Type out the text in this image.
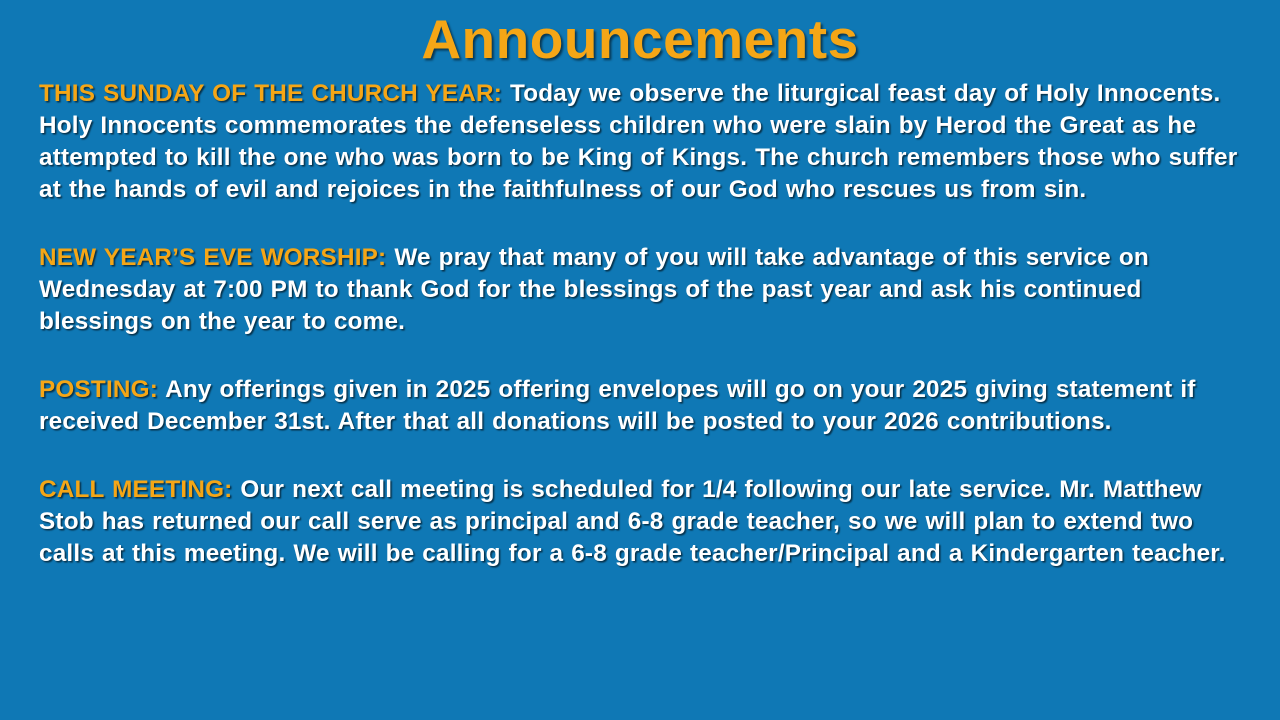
Announcements

THIS SUNDAY OF THE CHURCH YEAR: Today we observe the liturgical feast day of Holy Innocents. Holy Innocents commemorates the defenseless children who were slain by Herod the Great as he attempted to kill the one who was born to be King of Kings. The church remembers those who suffer at the hands of evil and rejoices in the faithfulness of our God who rescues us from sin.

NEW YEAR’S EVE WORSHIP: We pray that many of you will take advantage of this service on Wednesday at 7:00 PM to thank God for the blessings of the past year and ask his continued blessings on the year to come.

POSTING: Any offerings given in 2025 offering envelopes will go on your 2025 giving statement if received December 31st. After that all donations will be posted to your 2026 contributions.

CALL MEETING: Our next call meeting is scheduled for 1/4 following our late service. Mr. Matthew Stob has returned our call serve as principal and 6-8 grade teacher, so we will plan to extend two calls at this meeting. We will be calling for a 6-8 grade teacher/Principal and a Kindergarten teacher.
